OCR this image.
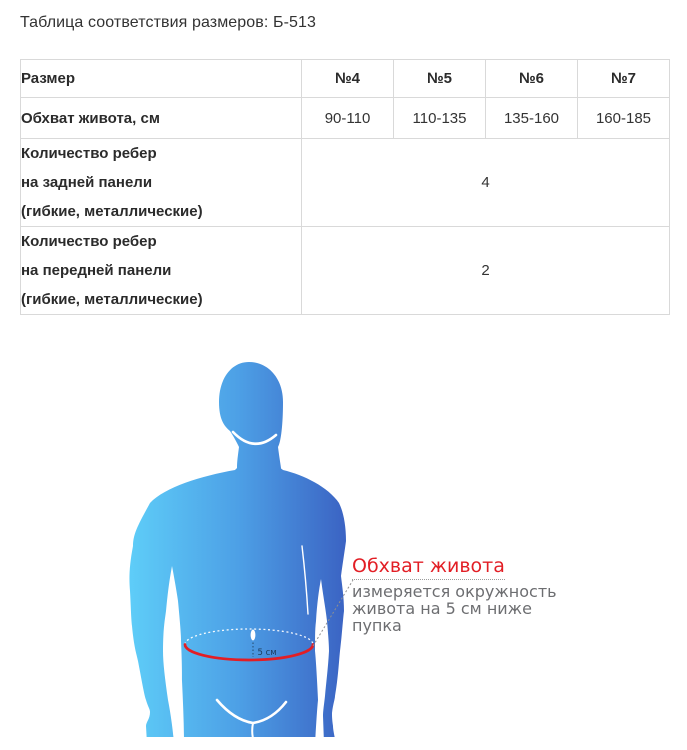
Таблица соответствия размеров: Б-513
Размер	№4	№5	№6	№7
Обхват живота, см	90-110	110-135	135-160	160-185

Количество ребер
на задней панели
(гибкие, металлические)	4			

Количество ребер
на передней панели
(гибкие, металлические)	2			
5 см
Обхват живота
измеряется окружность
живота на 5 см ниже
пупка
